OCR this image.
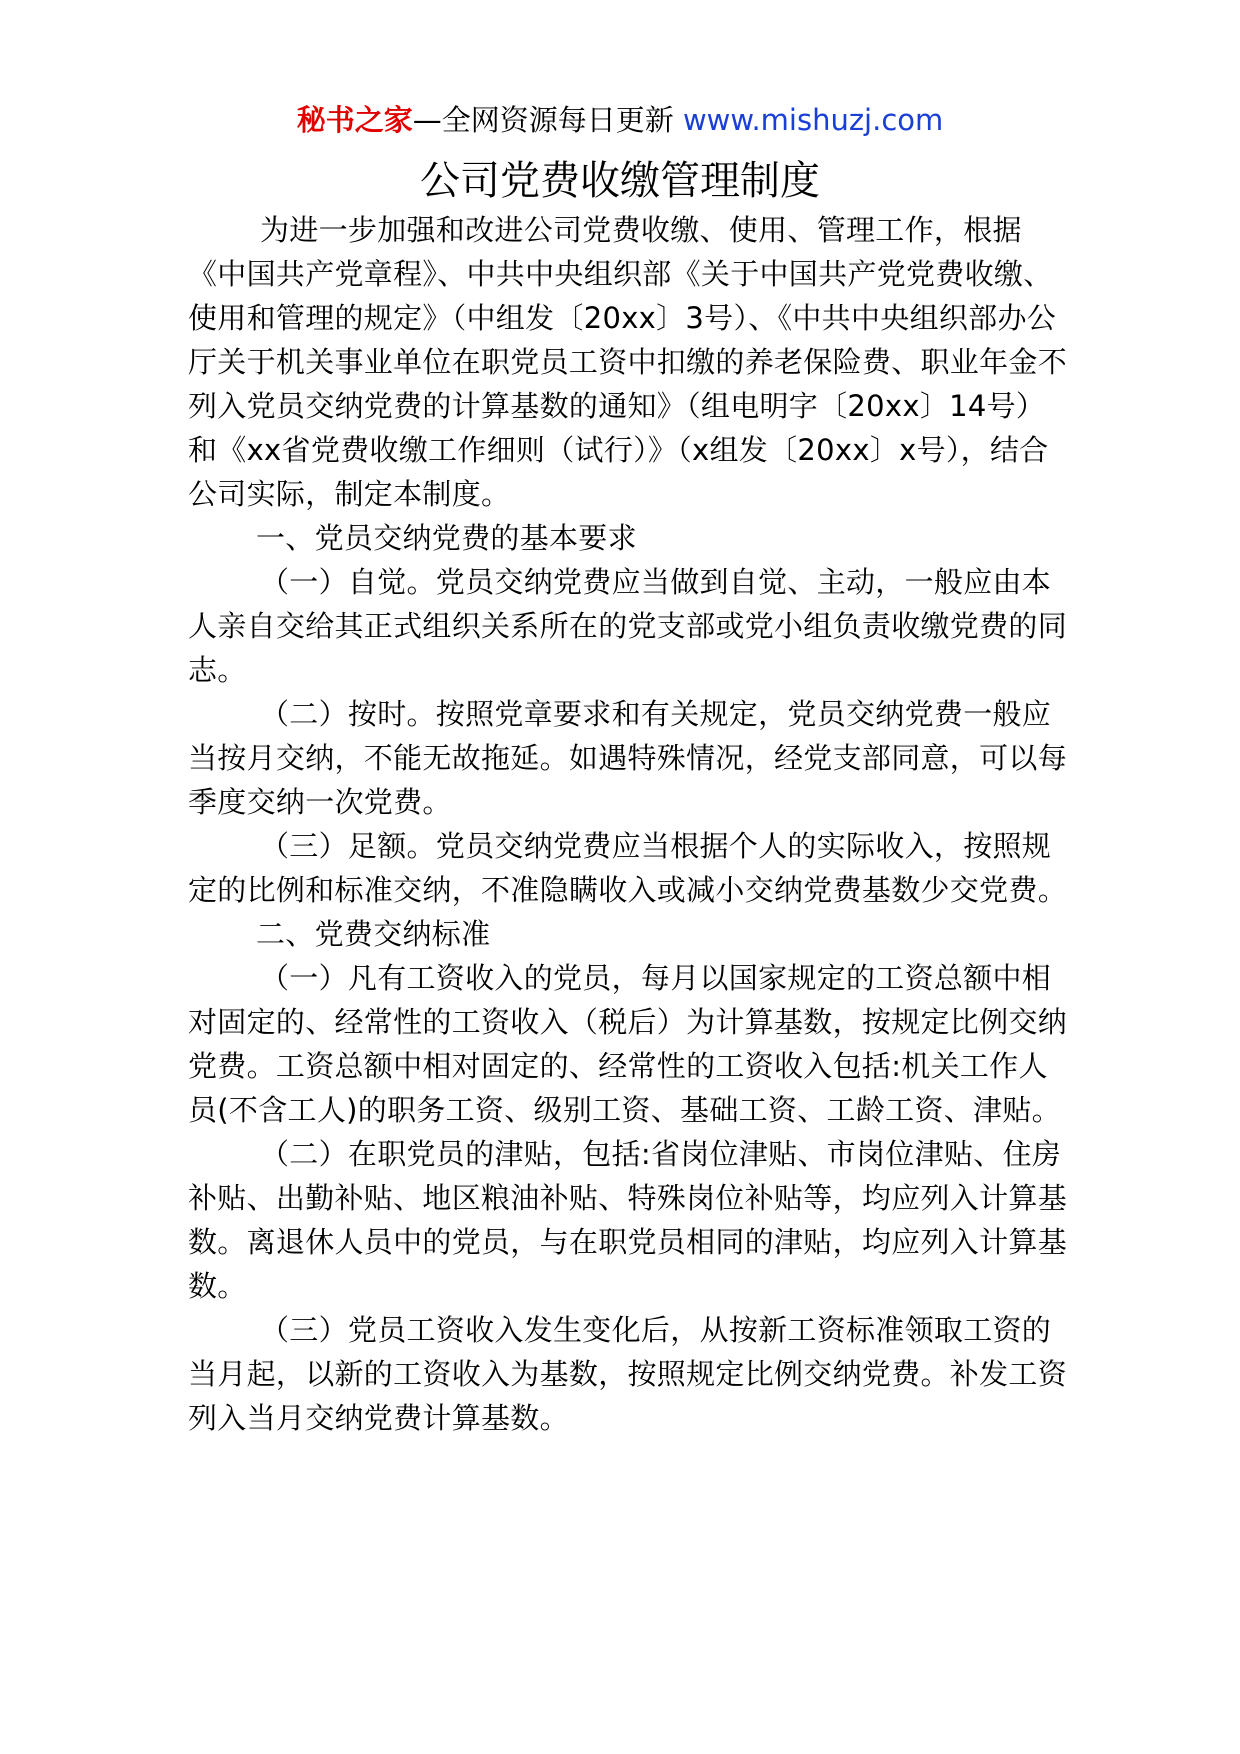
秘书之家—全网资源每日更新 www.mishuzj.com
公司党费收缴管理制度

为进一步加强和改进公司党费收缴、使用、管理工作，根据《中国共产党章程》、中共中央组织部《关于中国共产党党费收缴、使用和管理的规定》（中组发〔20xx〕3号）、《中共中央组织部办公厅关于机关事业单位在职党员工资中扣缴的养老保险费、职业年金不列入党员交纳党费的计算基数的通知》（组电明字〔20xx〕14号）和《xx省党费收缴工作细则（试行）》（x组发〔20xx〕x号），结合公司实际，制定本制度。

一、党员交纳党费的基本要求

（一）自觉。党员交纳党费应当做到自觉、主动，一般应由本人亲自交给其正式组织关系所在的党支部或党小组负责收缴党费的同志。

（二）按时。按照党章要求和有关规定，党员交纳党费一般应当按月交纳，不能无故拖延。如遇特殊情况，经党支部同意，可以每季度交纳一次党费。

（三）足额。党员交纳党费应当根据个人的实际收入，按照规定的比例和标准交纳，不准隐瞒收入或减小交纳党费基数少交党费。

二、党费交纳标准

（一）凡有工资收入的党员，每月以国家规定的工资总额中相对固定的、经常性的工资收入（税后）为计算基数，按规定比例交纳党费。工资总额中相对固定的、经常性的工资收入包括:机关工作人员(不含工人)的职务工资、级别工资、基础工资、工龄工资、津贴。

（二）在职党员的津贴，包括:省岗位津贴、市岗位津贴、住房补贴、出勤补贴、地区粮油补贴、特殊岗位补贴等，均应列入计算基数。离退休人员中的党员，与在职党员相同的津贴，均应列入计算基数。

（三）党员工资收入发生变化后，从按新工资标准领取工资的当月起，以新的工资收入为基数，按照规定比例交纳党费。补发工资列入当月交纳党费计算基数。
